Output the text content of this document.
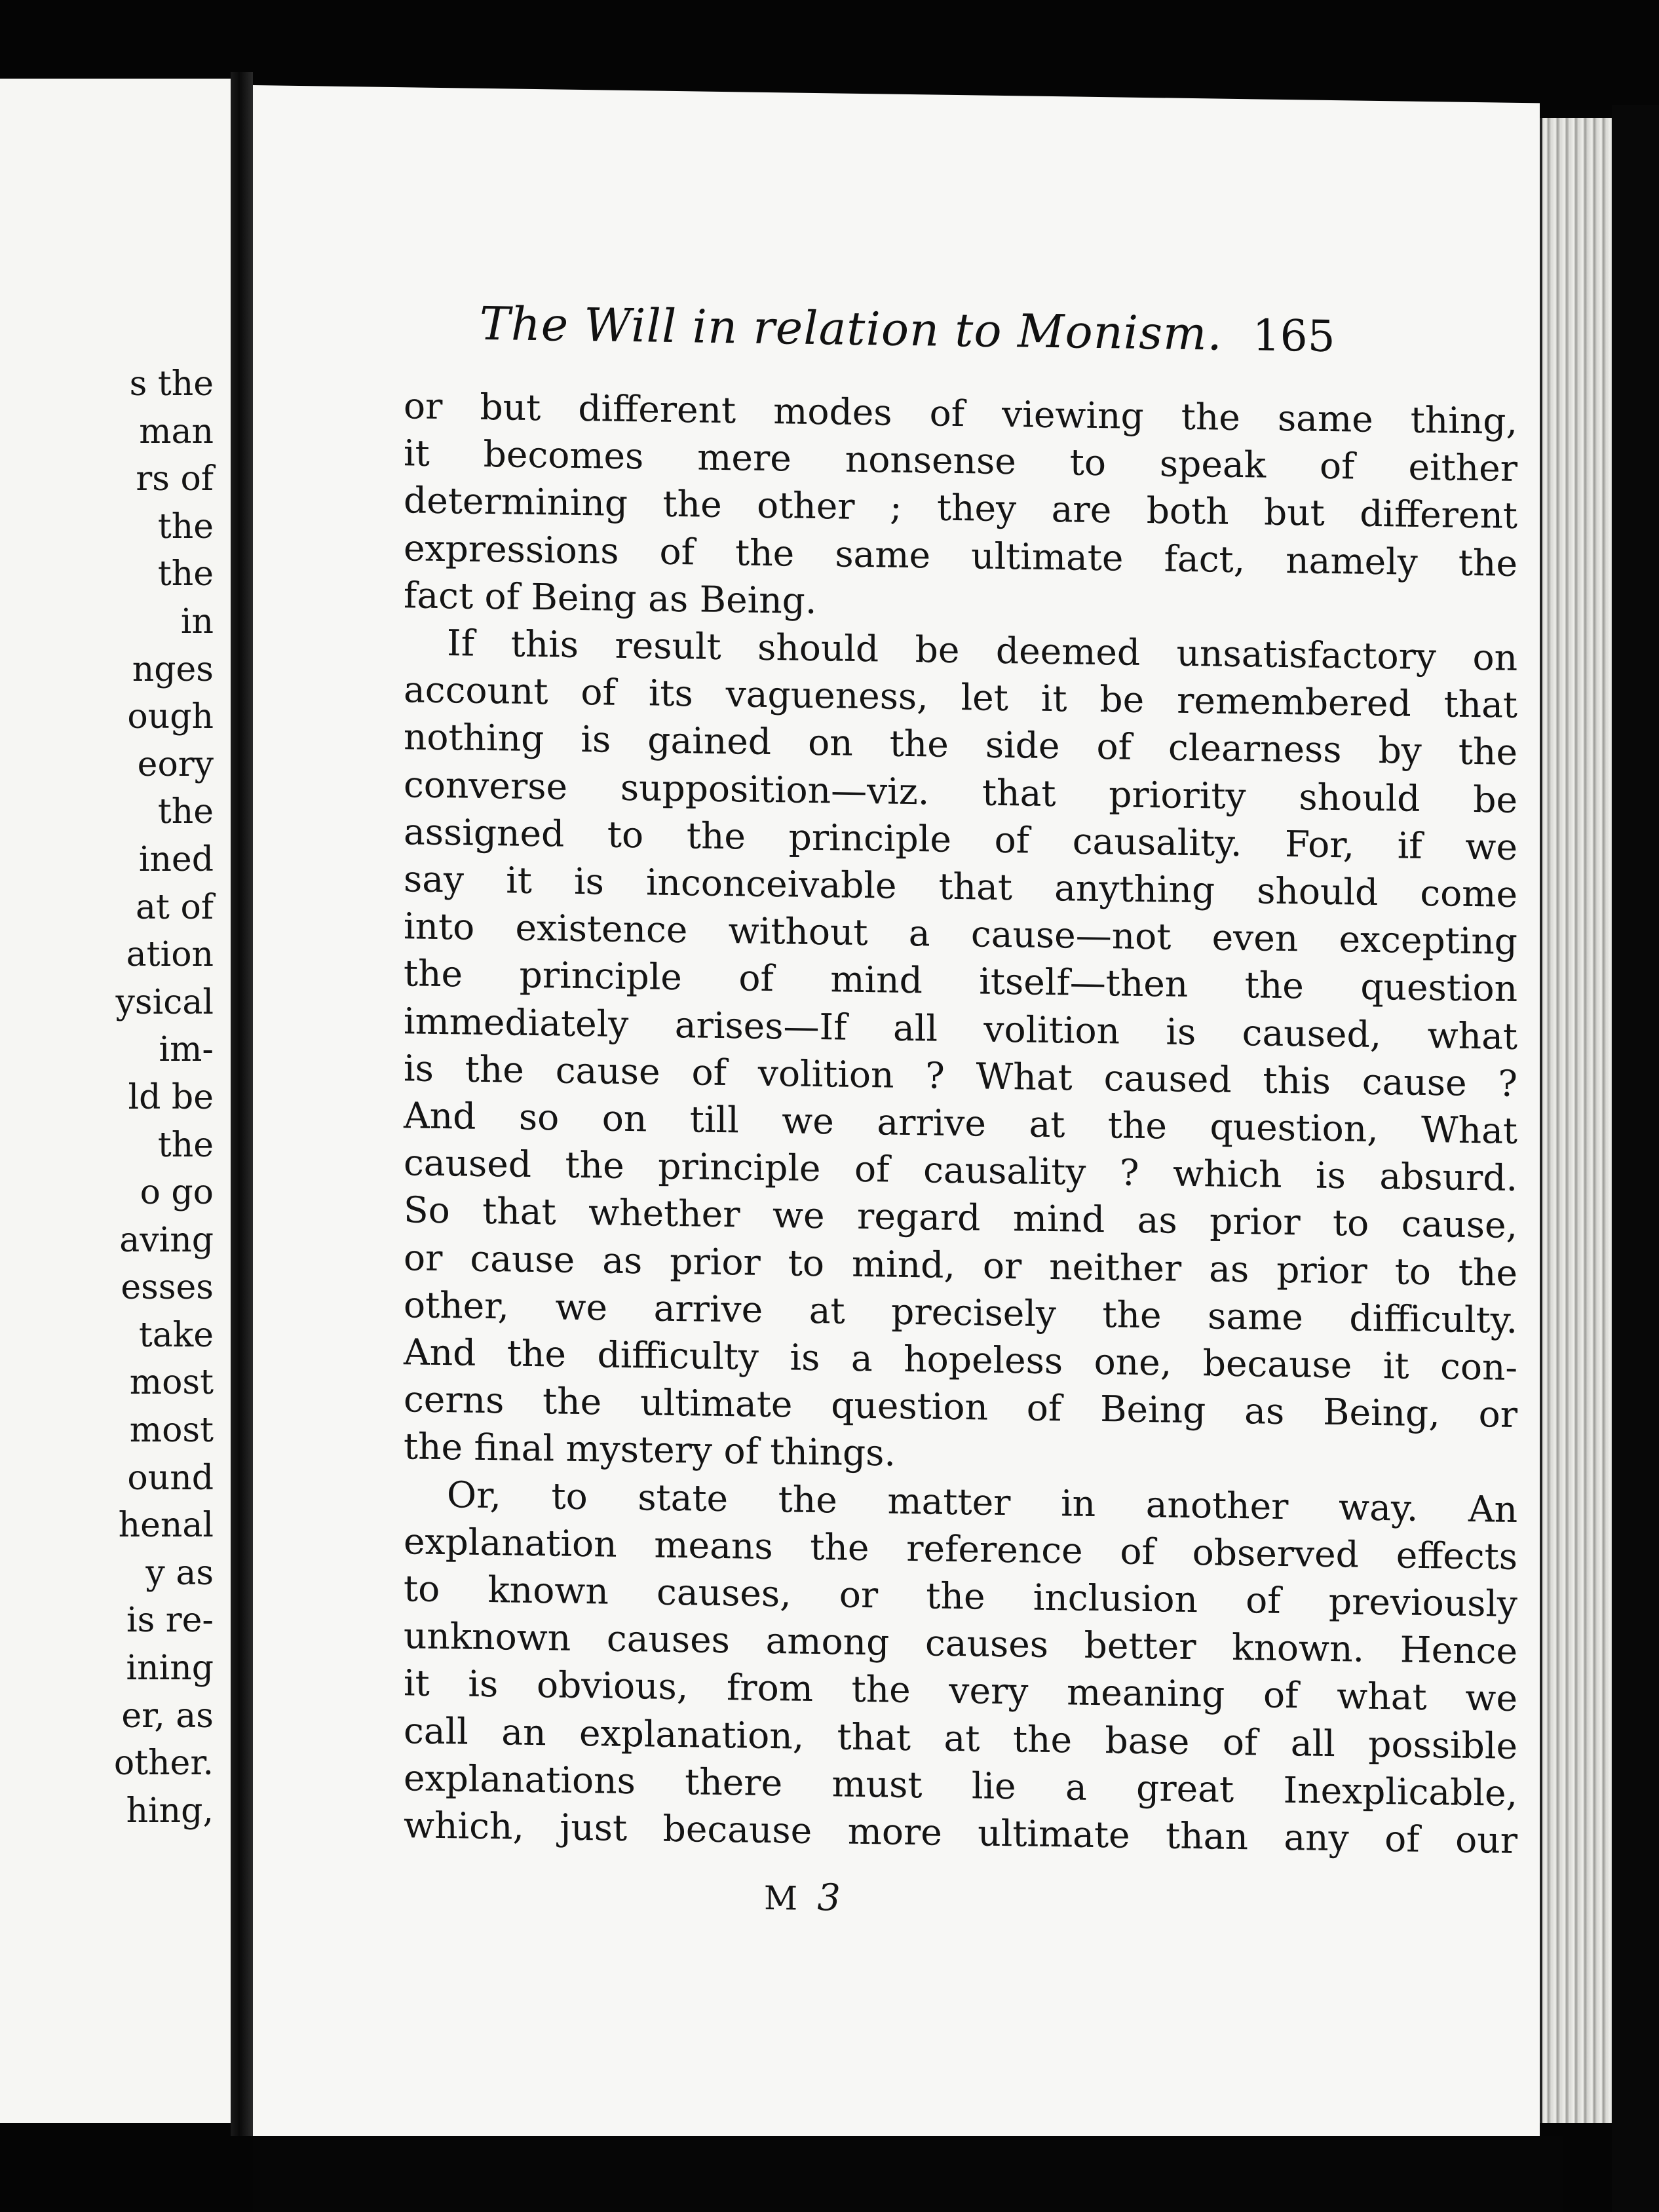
s the
man
rs of
the
the
in
nges
ough
eory
the
ined
at of
ation
ysical
im-
ld be
the
o go
aving
esses
take
most
most
ound
henal
y as
is re-
ining
er, as
other.
hing,
The Will in relation to Monism. 165
or but different modes of viewing the same thing,
it becomes mere nonsense to speak of either
determining the other ; they are both but different
expressions of the same ultimate fact, namely the
fact of Being as Being.
If this result should be deemed unsatisfactory on
account of its vagueness, let it be remembered that
nothing is gained on the side of clearness by the
converse supposition—viz. that priority should be
assigned to the principle of causality. For, if we
say it is inconceivable that anything should come
into existence without a cause—not even excepting
the principle of mind itself—then the question
immediately arises—If all volition is caused, what
is the cause of volition ? What caused this cause ?
And so on till we arrive at the question, What
caused the principle of causality ? which is absurd.
So that whether we regard mind as prior to cause,
or cause as prior to mind, or neither as prior to the
other, we arrive at precisely the same difficulty.
And the difficulty is a hopeless one, because it con-
cerns the ultimate question of Being as Being, or
the final mystery of things.
Or, to state the matter in another way. An
explanation means the reference of observed effects
to known causes, or the inclusion of previously
unknown causes among causes better known. Hence
it is obvious, from the very meaning of what we
call an explanation, that at the base of all possible
explanations there must lie a great Inexplicable,
which, just because more ultimate than any of our
M 3
